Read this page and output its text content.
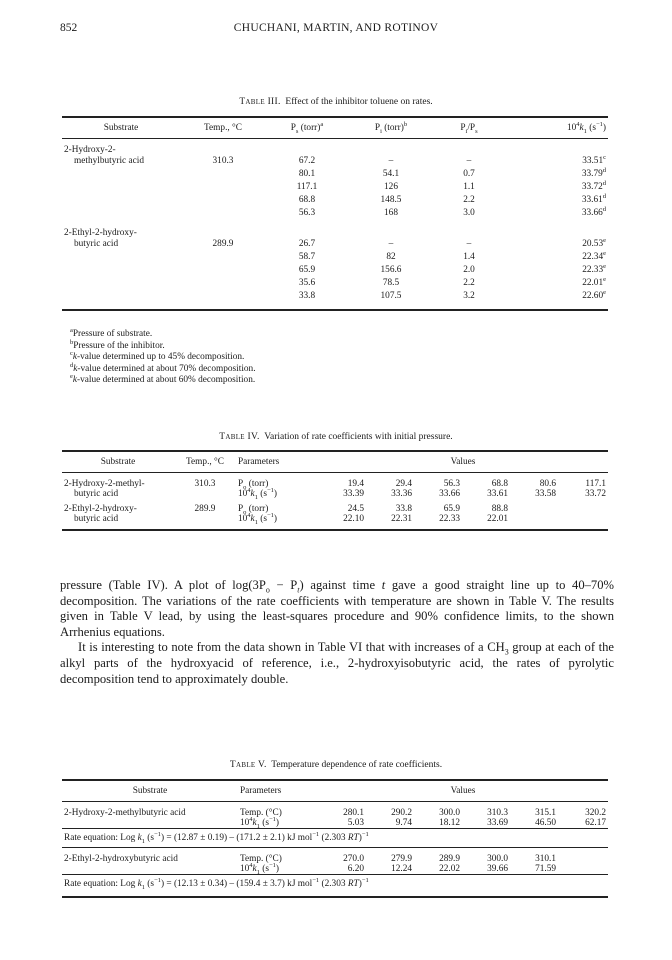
852	CHUCHANI, MARTIN, AND ROTINOV
Table III. Effect of the inhibitor toluene on rates.
Substrate	Temp., °C	$P_s$ (torr)$^a$	$P_i$ (torr)$^b$	$P_i/P_s$	$10^4k_1$ $(s^{-1})$
2-Hydroxy-2-					
methylbutyric acid	310.3	67.2	–	–	33.51$^c$
		80.1	54.1	0.7	33.79$^d$
		117.1	126	1.1	33.72$^d$
		68.8	148.5	2.2	33.61$^d$
		56.3	168	3.0	33.66$^d$
2-Ethyl-2-hydroxy-					
butyric acid	289.9	26.7	–	–	20.53e
		58.7	82	1.4	22.34e
		65.9	156.6	2.0	22.33e
		35.6	78.5	2.2	22.01e
		33.8	107.5	3.2	22.60e

$^a$Pressure of substrate.
$^b$Pressure of the inhibitor.
$^c$k-value determined up to 45% decomposition.
$^d$k-value determined at about 70% decomposition.
$^e$k-value determined at about 60% decomposition.
Table IV. Variation of rate coefficients with initial pressure.
Substrate	Temp., °C	Parameters	Values					
2-Hydroxy-2-methyl-	310.3	$P_o$ (torr)	19.4	29.4	56.3	68.8	80.6	117.1
butyric acid		$10^4k_1$ $(s^{-1})$	33.39	33.36	33.66	33.61	33.58	33.72
2-Ethyl-2-hydroxy-	289.9	$P_o$ (torr)	24.5	33.8	65.9	88.8		
butyric acid		$10^4k_1$ $(s^{-1})$	22.10	22.31	22.33	22.01		

pressure (Table IV). A plot of $\log(3P_o - P_t)$ against time t gave a good straight line up to 40–70% decomposition. The variations of the rate coefficients with temperature are shown in Table V. The results given in Table V lead, by using the least-squares procedure and 90% confidence limits, to the shown Arrhenius equations.

It is interesting to note from the data shown in Table VI that with increases of a $CH_3$ group at each of the alkyl parts of the hydroxyacid of reference, i.e., 2-hydroxyisobutyric acid, the rates of pyrolytic decomposition tend to approximately double.

Table V. Temperature dependence of rate coefficients.
Substrate	Parameters	Values					
2-Hydroxy-2-methylbutyric acid	Temp. (°C)	280.1	290.2	300.0	310.3	315.1	320.2
	$10^4k_1$ $(s^{-1})$	5.03	9.74	18.12	33.69	46.50	62.17
Rate equation: Log $k_1$ $(s^{-1}) = (12.87 \pm 0.19) - (171.2 \pm 2.1)$ kJ mol$^{-1}$ (2.303 RT)$^{-1}$
2-Ethyl-2-hydroxybutyric acid	Temp. (°C)	270.0	279.9	289.9	300.0	310.1	
	$10^4k_1$ $(s^{-1})$	6.20	12.24	22.02	39.66	71.59	
Rate equation: Log $k_1$ $(s^{-1}) = (12.13 \pm 0.34) - (159.4 \pm 3.7)$ kJ mol$^{-1}$ (2.303 RT)$^{-1}$
